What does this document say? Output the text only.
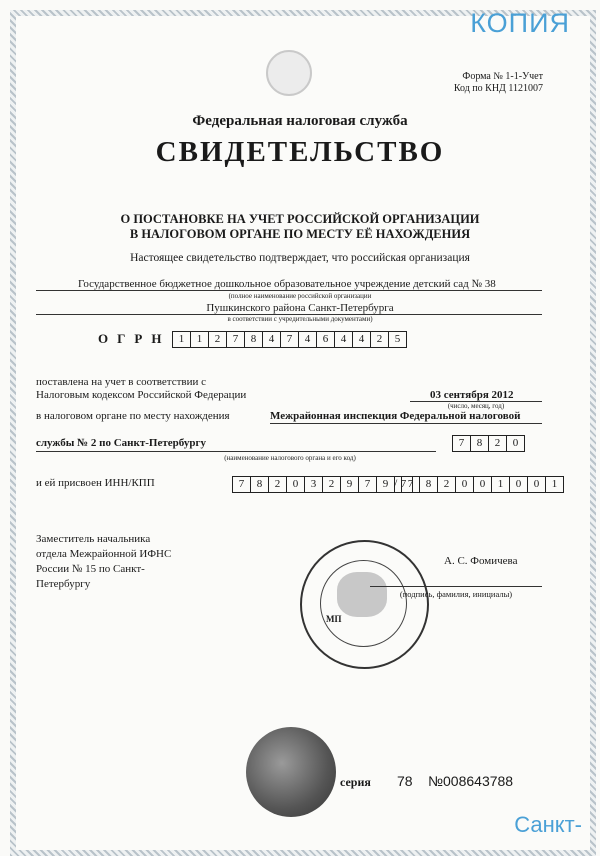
КОПИЯ
Форма № 1-1-Учет
Код по КНД 1121007
Федеральная налоговая служба
СВИДЕТЕЛЬСТВО
О ПОСТАНОВКЕ НА УЧЕТ РОССИЙСКОЙ ОРГАНИЗАЦИИ
В НАЛОГОВОМ ОРГАНЕ ПО МЕСТУ ЕЁ НАХОЖДЕНИЯ
Настоящее свидетельство подтверждает, что российская организация
Государственное бюджетное дошкольное образовательное учреждение детский сад № 38
(полное наименование российской организации
Пушкинского района Санкт-Петербурга
в соответствии с учредительными документами)
ОГРН 1	1	2	7	8	4	7	4	6	4	4	2	5
поставлена на учет в соответствии с
Налоговым кодексом Российской Федерации	03 сентября 2012
(число, месяц, год)
в налоговом органе по месту нахождения	Межрайонная инспекция Федеральной налоговой
службы № 2 по Санкт-Петербургу	7	8	2	0
(наименование налогового органа и его код)
и ей присвоен ИНН/КПП	7	8	2	0	3	2	9	7	9	7
/ 7	8	2	0	0	1	0	0	1
Заместитель начальника
отдела Межрайонной ИФНС
России № 15 по Санкт-
Петербургу
МП
А. С. Фомичева
(подпись, фамилия, инициалы)
серия 78 №008643788
Санкт-
